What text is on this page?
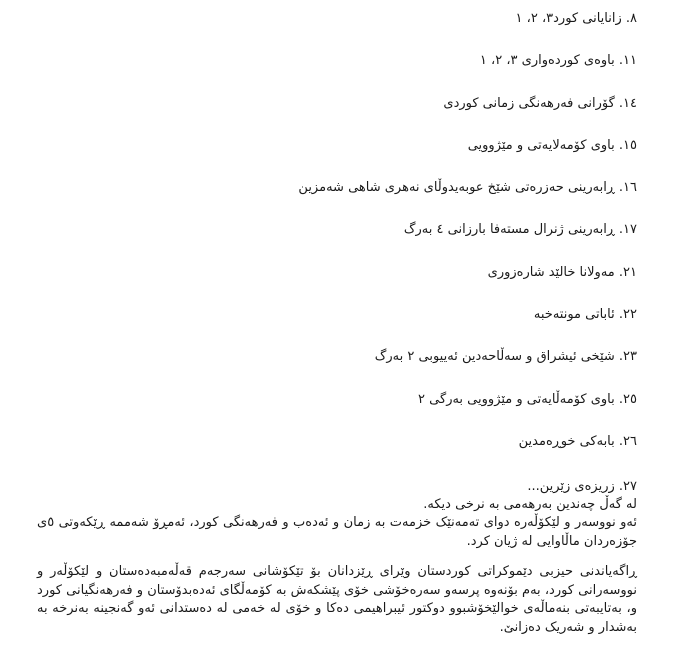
٨. زانایانی کورد٣، ٢، ١
١١. باوەی کوردەواری ٣، ٢، ١
١٤. گۆرانی فەرهەنگی زمانی کوردی
١٥. باوی کۆمەلایەتی و مێژوویی
١٦. ڕابەرینی حەزرەتی شێخ عوبەیدوڵای نەهری شاهی شەمزین
١٧. ڕابەرینی ژنرال مستەفا بارزانی ٤ بەرگ
٢١. مەولانا خالێد شارەزوری
٢٢. ئاباتی مونتەخبە
٢٣. شێخی ئیشراق و سەڵاحەدین ئەییوبی ٢ بەرگ
٢٥. باوی کۆمەڵایەتی و مێژوویی بەرگی ٢
٢٦. بابەکی خوڕەمدین
٢٧. زریزەی زێرین...

لە گەڵ چەندین بەرهەمی بە نرخی دیکە.

ئەو نووسەر و لێکۆڵەرە دوای تەمەنێک خزمەت بە زمان و ئەدەب و فەرهەنگی کورد، ئەمڕۆ شەممە ڕێکەوتی ٥ی جۆزەردان ماڵاوایی لە ژیان کرد.

ڕاگەیاندنی حیزبی دێموکراتی کوردستان وێرای ڕێزدانان بۆ تێکۆشانی سەرجەم قەڵەمبەدەستان و لێکۆڵەر و نووسەرانی کورد، بەم بۆنەوە پرسەو سەرەخۆشی خۆی پێشکەش بە کۆمەڵگای ئەدەبدۆستان و فەرهەنگیانی کورد و، بەتایبەتی بنەماڵەی خوالێخۆشبوو دوکتور ئیبراهیمی دەکا و خۆی لە خەمی لە دەستدانی ئەو گەنجینە بەنرخە بە بەشدار و شەریک دەزانێ.
